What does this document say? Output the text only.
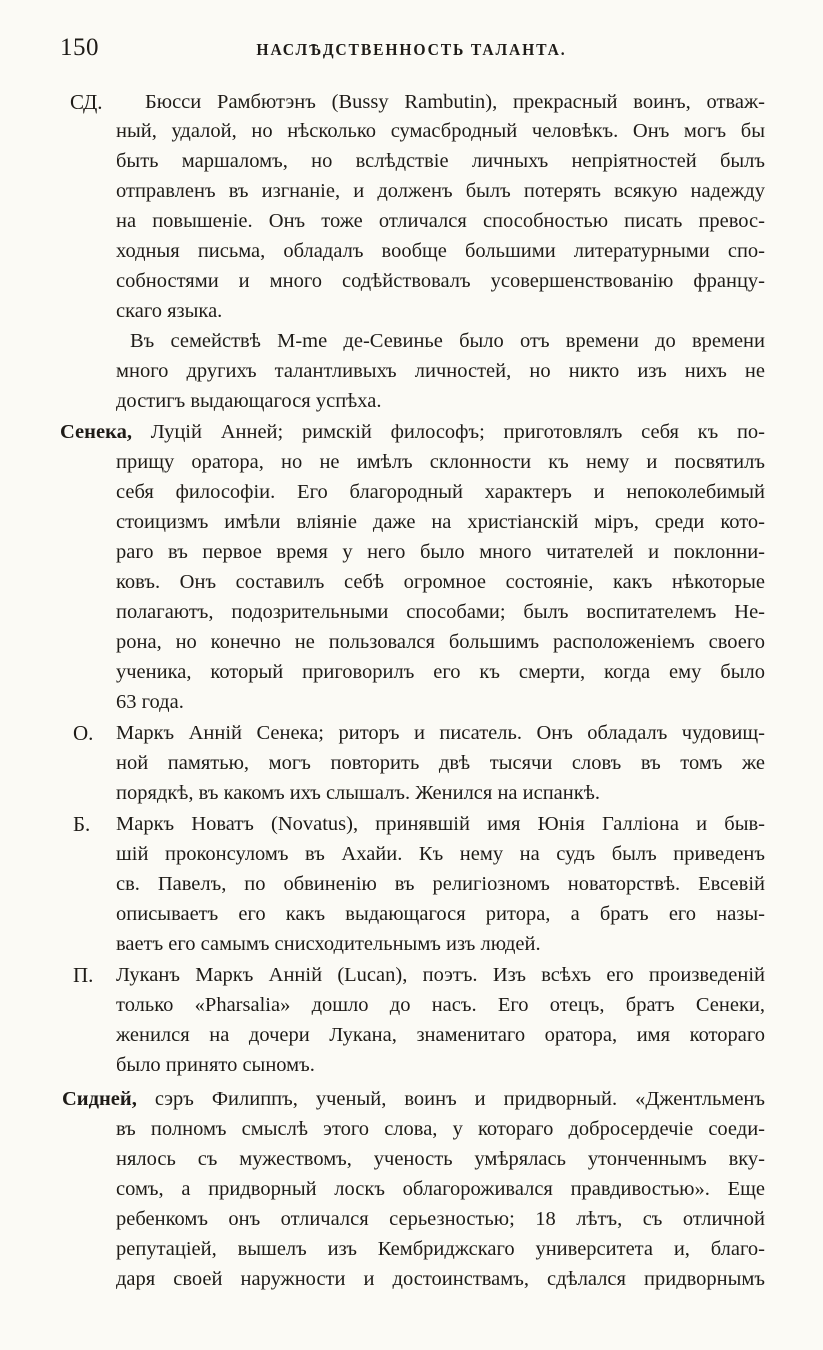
150	НАСЛѢДСТВЕННОСТЬ ТАЛАНТА.
СД. Бюсси Рамбютэнъ (Bussy Rambutin), прекрасный воинъ, отваж-
ный, удалой, но нѣсколько сумасбродный человѣкъ. Онъ могъ бы
быть маршаломъ, но вслѣдствіе личныхъ непріятностей былъ
отправленъ въ изгнаніе, и долженъ былъ потерять всякую надежду
на повышеніе. Онъ тоже отличался способностью писать превос-
ходныя письма, обладалъ вообще большими литературными спо-
собностями и много содѣйствовалъ усовершенствованію францу-
скаго языка.
Въ семействѣ M-me де-Севиньe было отъ времени до времени
много другихъ талантливыхъ личностей, но никто изъ нихъ не
достигъ выдающагося успѣха.
Сенека, Луцій Анней; римскій философъ; приготовлялъ себя къ по-
прищу оратора, но не имѣлъ склонности къ нему и посвятилъ
себя философіи. Его благородный характеръ и непоколебимый
стоицизмъ имѣли вліяніе даже на христіанскій міръ, среди кото-
раго въ первое время у него было много читателей и поклонни-
ковъ. Онъ составилъ себѣ огромное состояніе, какъ нѣкоторые
полагаютъ, подозрительными способами; былъ воспитателемъ Не-
рона, но конечно не пользовался большимъ расположеніемъ своего
ученика, который приговорилъ его къ смерти, когда ему было
63 года.
О. Маркъ Анній Сенека; риторъ и писатель. Онъ обладалъ чудовищ-
ной памятью, могъ повторить двѣ тысячи словъ въ томъ же
порядкѣ, въ какомъ ихъ слышалъ. Женился на испанкѣ.
Б. Маркъ Новатъ (Novatus), принявшій имя Юнія Галліона и быв-
шій проконсуломъ въ Ахайи. Къ нему на судъ былъ приведенъ
св. Павелъ, по обвиненію въ религіозномъ новаторствѣ. Евсевій
описываетъ его какъ выдающагося ритора, а братъ его назы-
ваетъ его самымъ снисходительнымъ изъ людей.
П. Луканъ Маркъ Анній (Lucan), поэтъ. Изъ всѣхъ его произведеній
только «Pharsalia» дошло до насъ. Его отецъ, братъ Сенеки,
женился на дочери Лукана, знаменитаго оратора, имя котораго
было принято сыномъ.
Сидней, сэръ Филиппъ, ученый, воинъ и придворный. «Джентльменъ
въ полномъ смыслѣ этого слова, у котораго добросердечіе соеди-
нялось съ мужествомъ, ученость умѣрялась утонченнымъ вку-
сомъ, а придворный лоскъ облагороживался правдивостью». Еще
ребенкомъ онъ отличался серьезностью; 18 лѣтъ, съ отличной
репутаціей, вышелъ изъ Кембриджскаго университета и, благо-
даря своей наружности и достоинствамъ, сдѣлался придворнымъ
